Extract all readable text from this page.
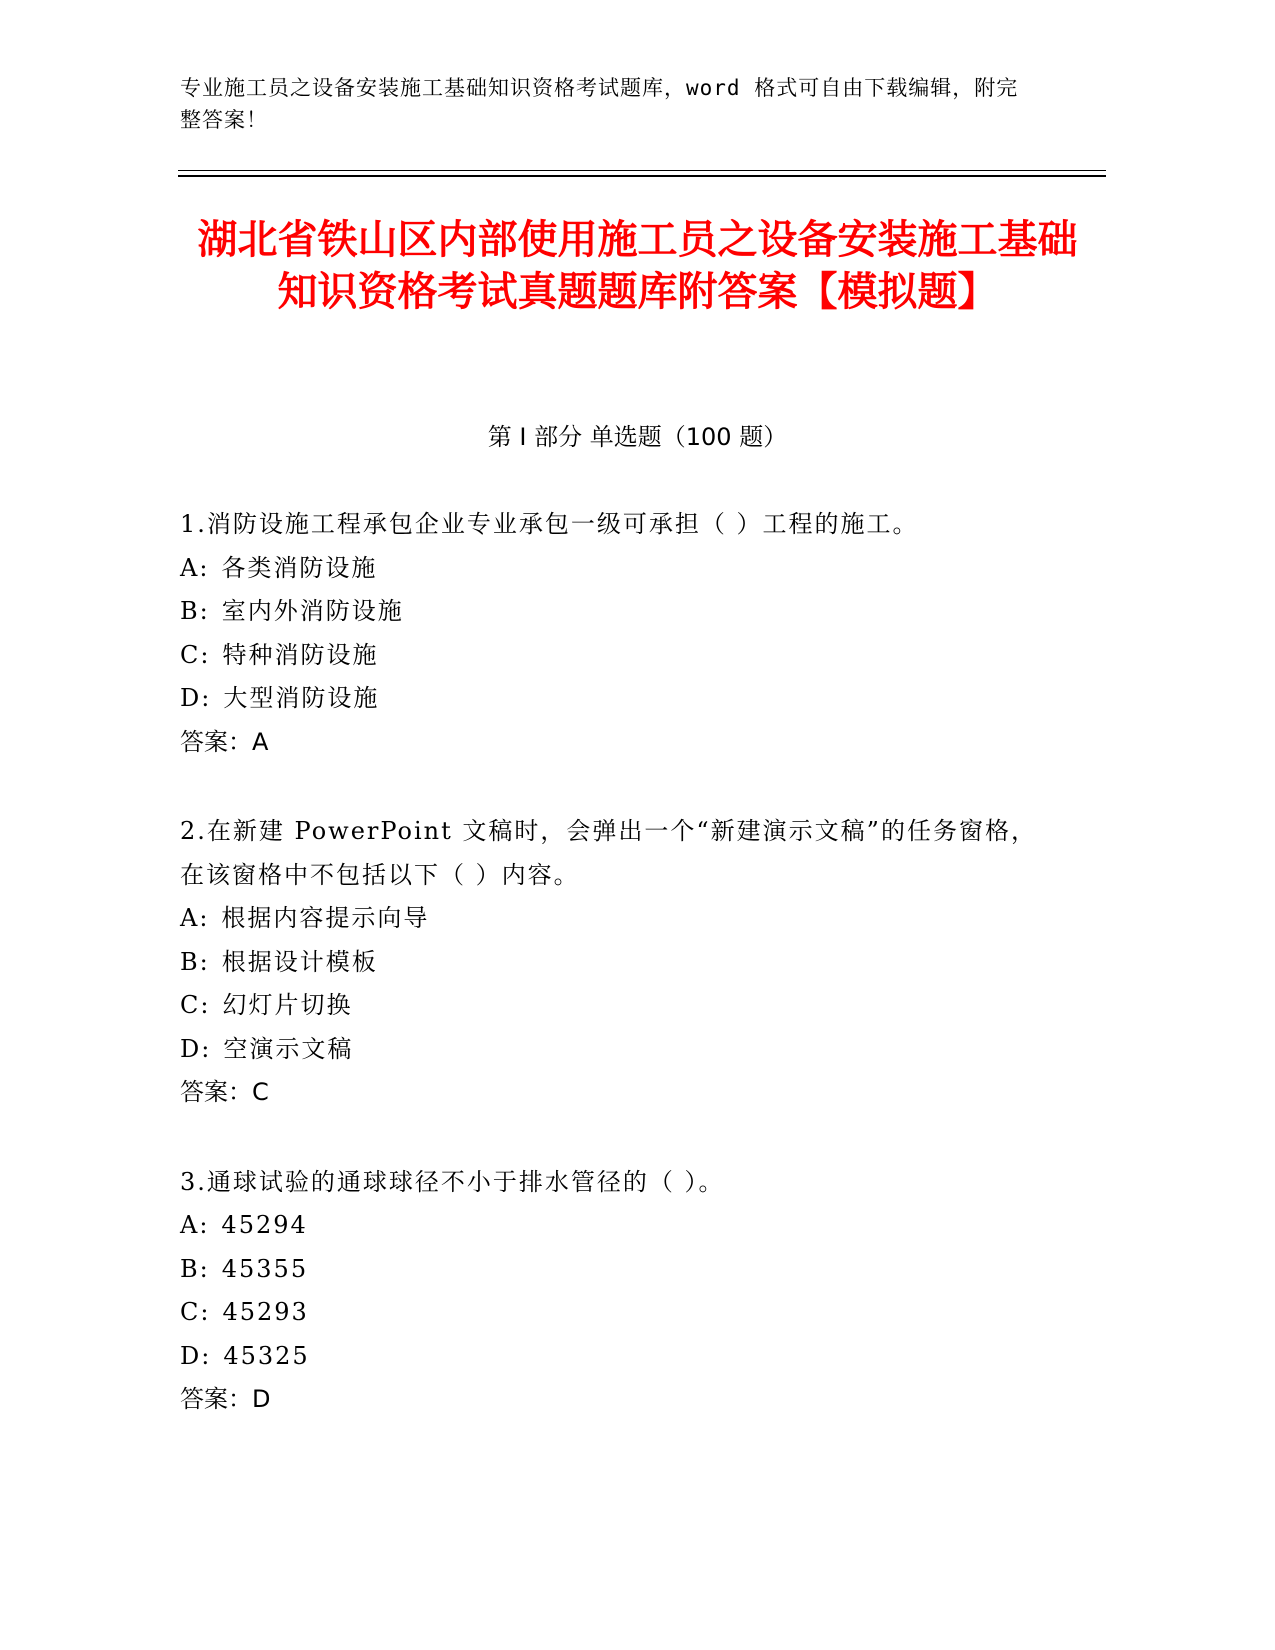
专业施工员之设备安装施工基础知识资格考试题库，word 格式可自由下载编辑，附完整答案！
湖北省铁山区内部使用施工员之设备安装施工基础知识资格考试真题题库附答案【模拟题】
第 I 部分 单选题（100 题）
1.消防设施工程承包企业专业承包一级可承担（ ）工程的施工。
A: 各类消防设施
B: 室内外消防设施
C: 特种消防设施
D: 大型消防设施
答案：A
2.在新建 PowerPoint 文稿时，会弹出一个“新建演示文稿”的任务窗格，在该窗格中不包括以下（ ）内容。
A: 根据内容提示向导
B: 根据设计模板
C: 幻灯片切换
D: 空演示文稿
答案：C
3.通球试验的通球球径不小于排水管径的（ ）。
A: 45294
B: 45355
C: 45293
D: 45325
答案：D
